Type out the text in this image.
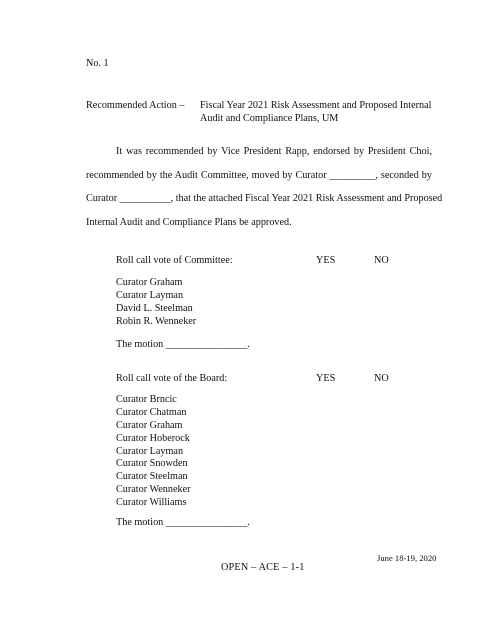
No. 1
Recommended Action – Fiscal Year 2021 Risk Assessment and Proposed Internal Audit and Compliance Plans, UM
It was recommended by Vice President Rapp, endorsed by President Choi,
recommended by the Audit Committee, moved by Curator _________, seconded by
Curator __________, that the attached Fiscal Year 2021 Risk Assessment and Proposed
Internal Audit and Compliance Plans be approved.
Roll call vote of Committee:	YES	NO
Curator Graham
Curator Layman
David L. Steelman
Robin R. Wenneker
The motion ________________.
Roll call vote of the Board:	YES	NO
Curator Brncic
Curator Chatman
Curator Graham
Curator Hoberock
Curator Layman
Curator Snowden
Curator Steelman
Curator Wenneker
Curator Williams
The motion ________________.
June 18-19, 2020
OPEN – ACE – 1-1
